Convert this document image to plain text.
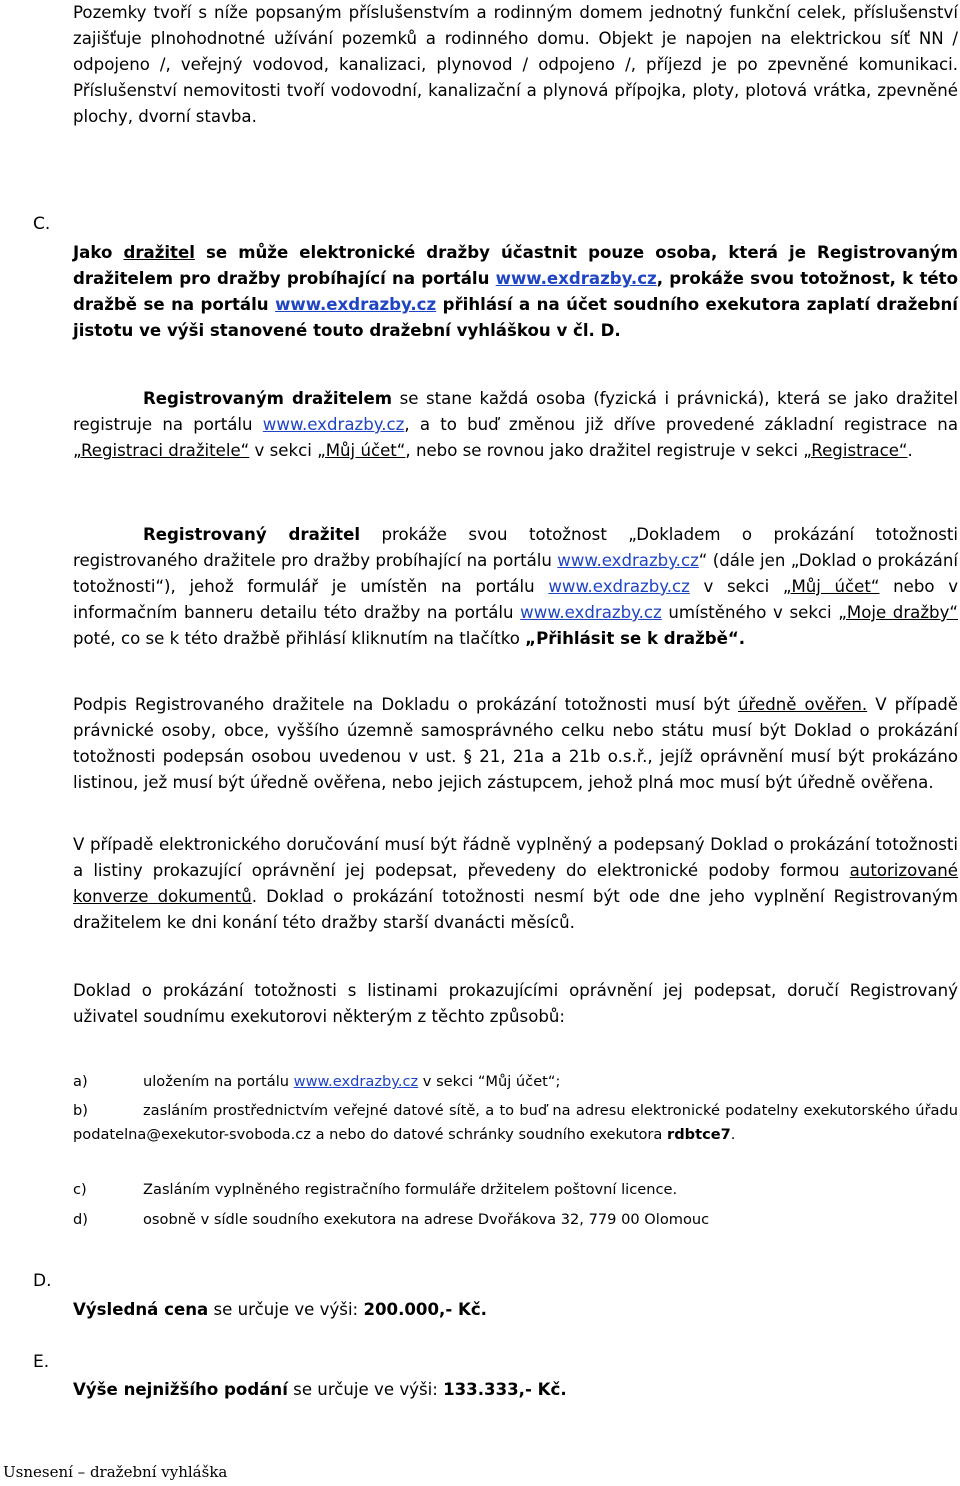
Pozemky tvoří s níže popsaným příslušenstvím a rodinným domem jednotný funkční celek, příslušenství zajišťuje plnohodnotné užívání pozemků a rodinného domu. Objekt je napojen na elektrickou síť NN / odpojeno /, veřejný vodovod, kanalizaci, plynovod / odpojeno /, příjezd je po zpevněné komunikaci. Příslušenství nemovitosti tvoří vodovodní, kanalizační a plynová přípojka, ploty, plotová vrátka, zpevněné plochy, dvorní stavba.

C.

Jako dražitel se může elektronické dražby účastnit pouze osoba, která je Registrovaným dražitelem pro dražby probíhající na portálu www.exdrazby.cz, prokáže svou totožnost, k této dražbě se na portálu www.exdrazby.cz přihlásí a na účet soudního exekutora zaplatí dražební jistotu ve výši stanovené touto dražební vyhláškou v čl. D.

Registrovaným dražitelem se stane každá osoba (fyzická i právnická), která se jako dražitel registruje na portálu www.exdrazby.cz, a to buď změnou již dříve provedené základní registrace na „Registraci dražitele“ v sekci „Můj účet“, nebo se rovnou jako dražitel registruje v sekci „Registrace“.

Registrovaný dražitel prokáže svou totožnost „Dokladem o prokázání totožnosti registrovaného dražitele pro dražby probíhající na portálu www.exdrazby.cz“ (dále jen „Doklad o prokázání totožnosti“), jehož formulář je umístěn na portálu www.exdrazby.cz v sekci „Můj účet“ nebo v informačním banneru detailu této dražby na portálu www.exdrazby.cz umístěného v sekci „Moje dražby“ poté, co se k této dražbě přihlásí kliknutím na tlačítko „Přihlásit se k dražbě“.

Podpis Registrovaného dražitele na Dokladu o prokázání totožnosti musí být úředně ověřen. V případě právnické osoby, obce, vyššího územně samosprávného celku nebo státu musí být Doklad o prokázání totožnosti podepsán osobou uvedenou v ust. § 21, 21a a 21b o.s.ř., jejíž oprávnění musí být prokázáno listinou, jež musí být úředně ověřena, nebo jejich zástupcem, jehož plná moc musí být úředně ověřena.

V případě elektronického doručování musí být řádně vyplněný a podepsaný Doklad o prokázání totožnosti a listiny prokazující oprávnění jej podepsat, převedeny do elektronické podoby formou autorizované konverze dokumentů. Doklad o prokázání totožnosti nesmí být ode dne jeho vyplnění Registrovaným dražitelem ke dni konání této dražby starší dvanácti měsíců.

Doklad o prokázání totožnosti s listinami prokazujícími oprávnění jej podepsat, doručí Registrovaný uživatel soudnímu exekutorovi některým z těchto způsobů:

a)	uložením na portálu www.exdrazby.cz v sekci “Můj účet“;

b)	zasláním prostřednictvím veřejné datové sítě, a to buď na adresu elektronické podatelny exekutorského úřadu podatelna@exekutor-svoboda.cz a nebo do datové schránky soudního exekutora rdbtce7.

c)	Zasláním vyplněného registračního formuláře držitelem poštovní licence.

d)	osobně v sídle soudního exekutora na adrese Dvořákova 32, 779 00 Olomouc

D.

Výsledná cena se určuje ve výši: 200.000,- Kč.

E.

Výše nejnižšího podání se určuje ve výši: 133.333,- Kč.

Usnesení – dražební vyhláška
